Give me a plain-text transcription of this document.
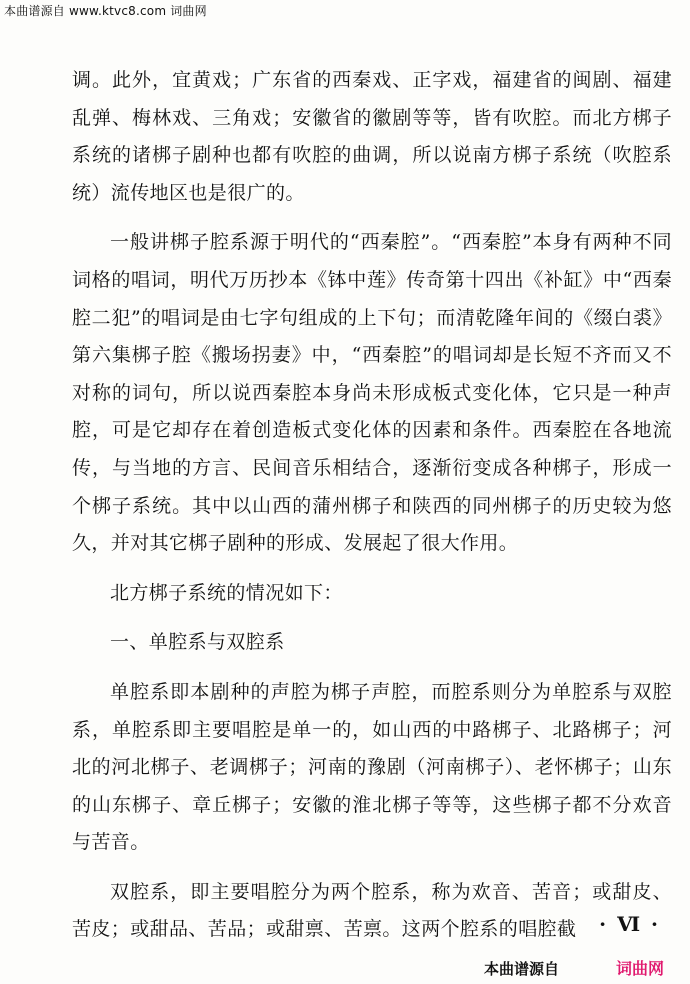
本曲谱源自 www.ktvc8.com 词曲网

调。此外，宜黄戏；广东省的西秦戏、正字戏，福建省的闽剧、福建乱弹、梅林戏、三角戏；安徽省的徽剧等等，皆有吹腔。而北方梆子系统的诸梆子剧种也都有吹腔的曲调，所以说南方梆子系统（吹腔系统）流传地区也是很广的。

一般讲梆子腔系源于明代的“西秦腔”。“西秦腔”本身有两种不同词格的唱词，明代万历抄本《钵中莲》传奇第十四出《补缸》中“西秦腔二犯”的唱词是由七字句组成的上下句；而清乾隆年间的《缀白裘》第六集梆子腔《搬场拐妻》中，“西秦腔”的唱词却是长短不齐而又不对称的词句，所以说西秦腔本身尚未形成板式变化体，它只是一种声腔，可是它却存在着创造板式变化体的因素和条件。西秦腔在各地流传，与当地的方言、民间音乐相结合，逐渐衍变成各种梆子，形成一个梆子系统。其中以山西的蒲州梆子和陕西的同州梆子的历史较为悠久，并对其它梆子剧种的形成、发展起了很大作用。

北方梆子系统的情况如下：

一、单腔系与双腔系

单腔系即本剧种的声腔为梆子声腔，而腔系则分为单腔系与双腔系，单腔系即主要唱腔是单一的，如山西的中路梆子、北路梆子；河北的河北梆子、老调梆子；河南的豫剧（河南梆子）、老怀梆子；山东的山东梆子、章丘梆子；安徽的淮北梆子等等，这些梆子都不分欢音与苦音。

双腔系，即主要唱腔分为两个腔系，称为欢音、苦音；或甜皮、苦皮；或甜品、苦品；或甜禀、苦禀。这两个腔系的唱腔截	· Ⅵ ·
本曲谱源自	词曲网
